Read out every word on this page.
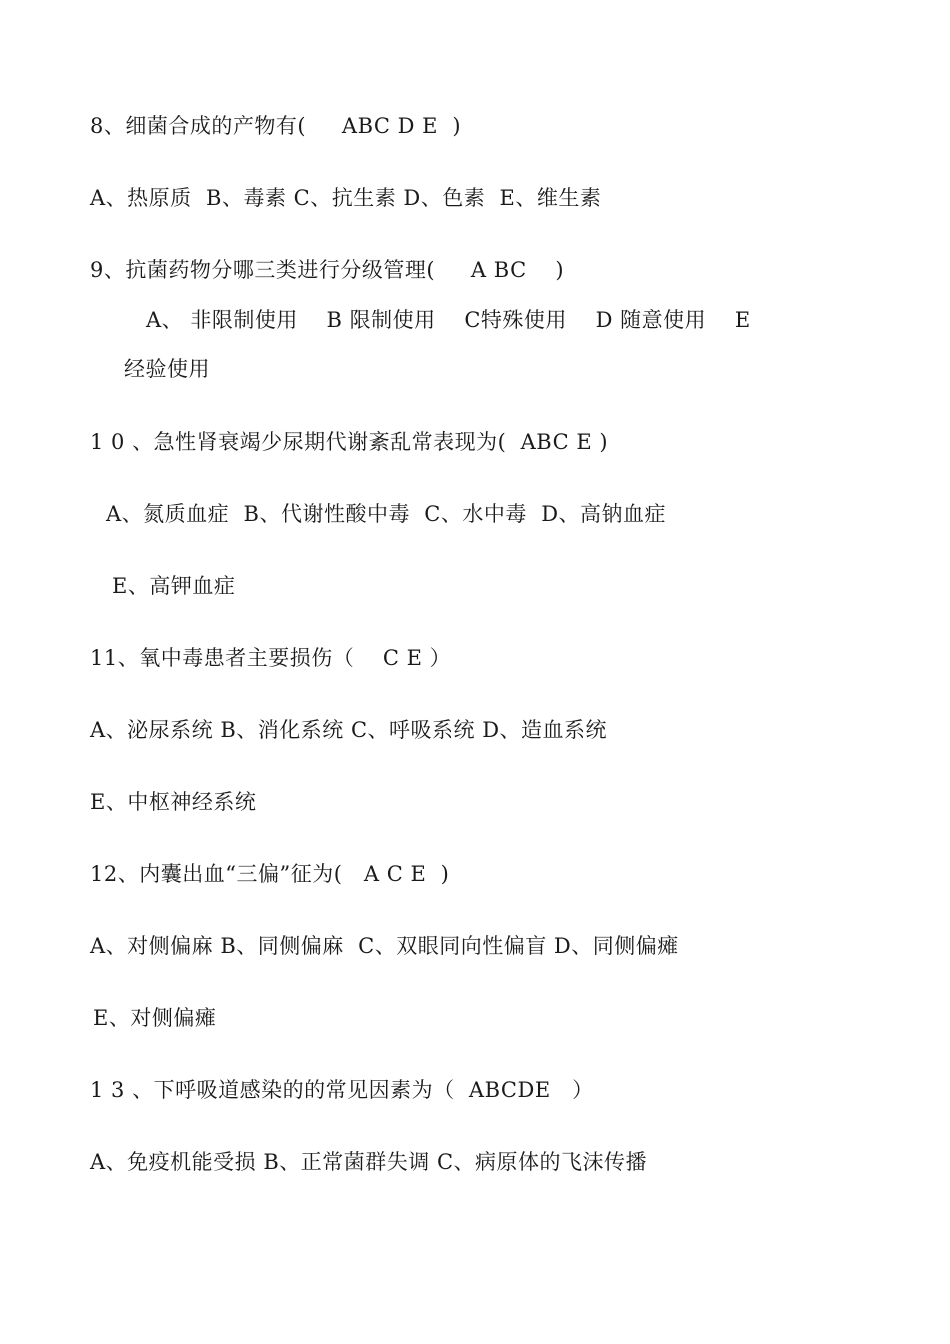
8、细菌合成的产物有(     ABC D E  )
A、热原质  B、毒素 C、抗生素 D、色素  E、维生素
9、抗菌药物分哪三类进行分级管理(     A BC    )
A、 非限制使用    B 限制使用    C特殊使用    D 随意使用    E
经验使用
1 0 、急性肾衰竭少尿期代谢紊乱常表现为(  ABC E )
A、氮质血症  B、代谢性酸中毒  C、水中毒  D、高钠血症
E、高钾血症
11、氧中毒患者主要损伤（    C E ）
A、泌尿系统 B、消化系统 C、呼吸系统 D、造血系统
E、中枢神经系统
12、内囊出血“三偏”征为(   A C E  )
A、对侧偏麻 B、同侧偏麻  C、双眼同向性偏盲 D、同侧偏瘫
E、对侧偏瘫
1 3 、下呼吸道感染的的常见因素为（  ABCDE   ）
A、免疫机能受损 B、正常菌群失调 C、病原体的飞沫传播
